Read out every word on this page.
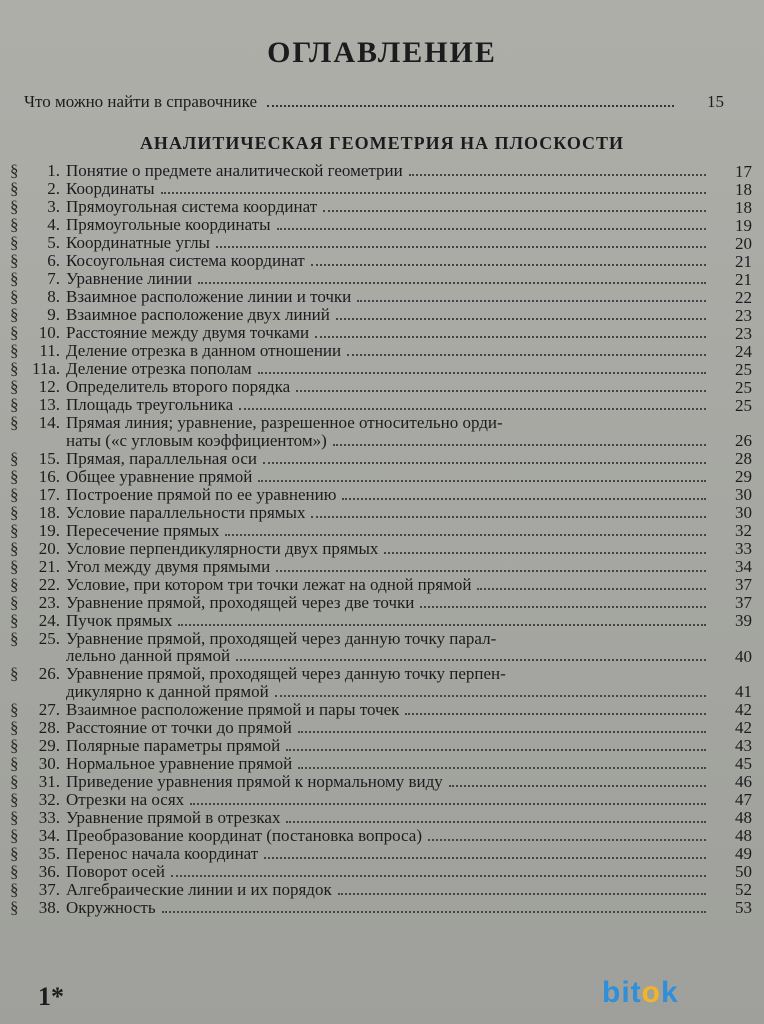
ОГЛАВЛЕНИЕ
Что можно найти в справочнике	15
АНАЛИТИЧЕСКАЯ ГЕОМЕТРИЯ НА ПЛОСКОСТИ
§	1. Понятие о предмете аналитической геометрии	17
§	2. Координаты	18
§	3. Прямоугольная система координат	18
§	4. Прямоугольные координаты	19
§	5. Координатные углы	20
§	6. Косоугольная система координат	21
§	7. Уравнение линии	21
§	8. Взаимное расположение линии и точки	22
§	9. Взаимное расположение двух линий	23
§	10. Расстояние между двумя точками	23
§	11. Деление отрезка в данном отношении	24
§ 11а. Деление отрезка пополам	25
§	12. Определитель второго порядка	25
§	13. Площадь треугольника	25
§	14. Прямая линия; уравнение, разрешенное относительно орди-
наты («с угловым коэффициентом»)	26
§	15. Прямая, параллельная оси	28
§	16. Общее уравнение прямой	29
§	17. Построение прямой по ее уравнению	30
§	18. Условие параллельности прямых	30
§	19. Пересечение прямых	32
§	20. Условие перпендикулярности двух прямых	33
§	21. Угол между двумя прямыми	34
§	22. Условие, при котором три точки лежат на одной прямой	37
§	23. Уравнение прямой, проходящей через две точки	37
§	24. Пучок прямых	39
§	25. Уравнение прямой, проходящей через данную точку парал-
лельно данной прямой	40
§	26. Уравнение прямой, проходящей через данную точку перпен-
дикулярно к данной прямой	41
§	27. Взаимное расположение прямой и пары точек	42
§	28. Расстояние от точки до прямой	42
§	29. Полярные параметры прямой	43
§	30. Нормальное уравнение прямой	45
§	31. Приведение уравнения прямой к нормальному виду	46
§	32. Отрезки на осях	47
§	33. Уравнение прямой в отрезках	48
§	34. Преобразование координат (постановка вопроса)	48
§	35. Перенос начала координат	49
§	36. Поворот осей	50
§	37. Алгебраические линии и их порядок	52
§	38. Окружность	53
1*	bitok
